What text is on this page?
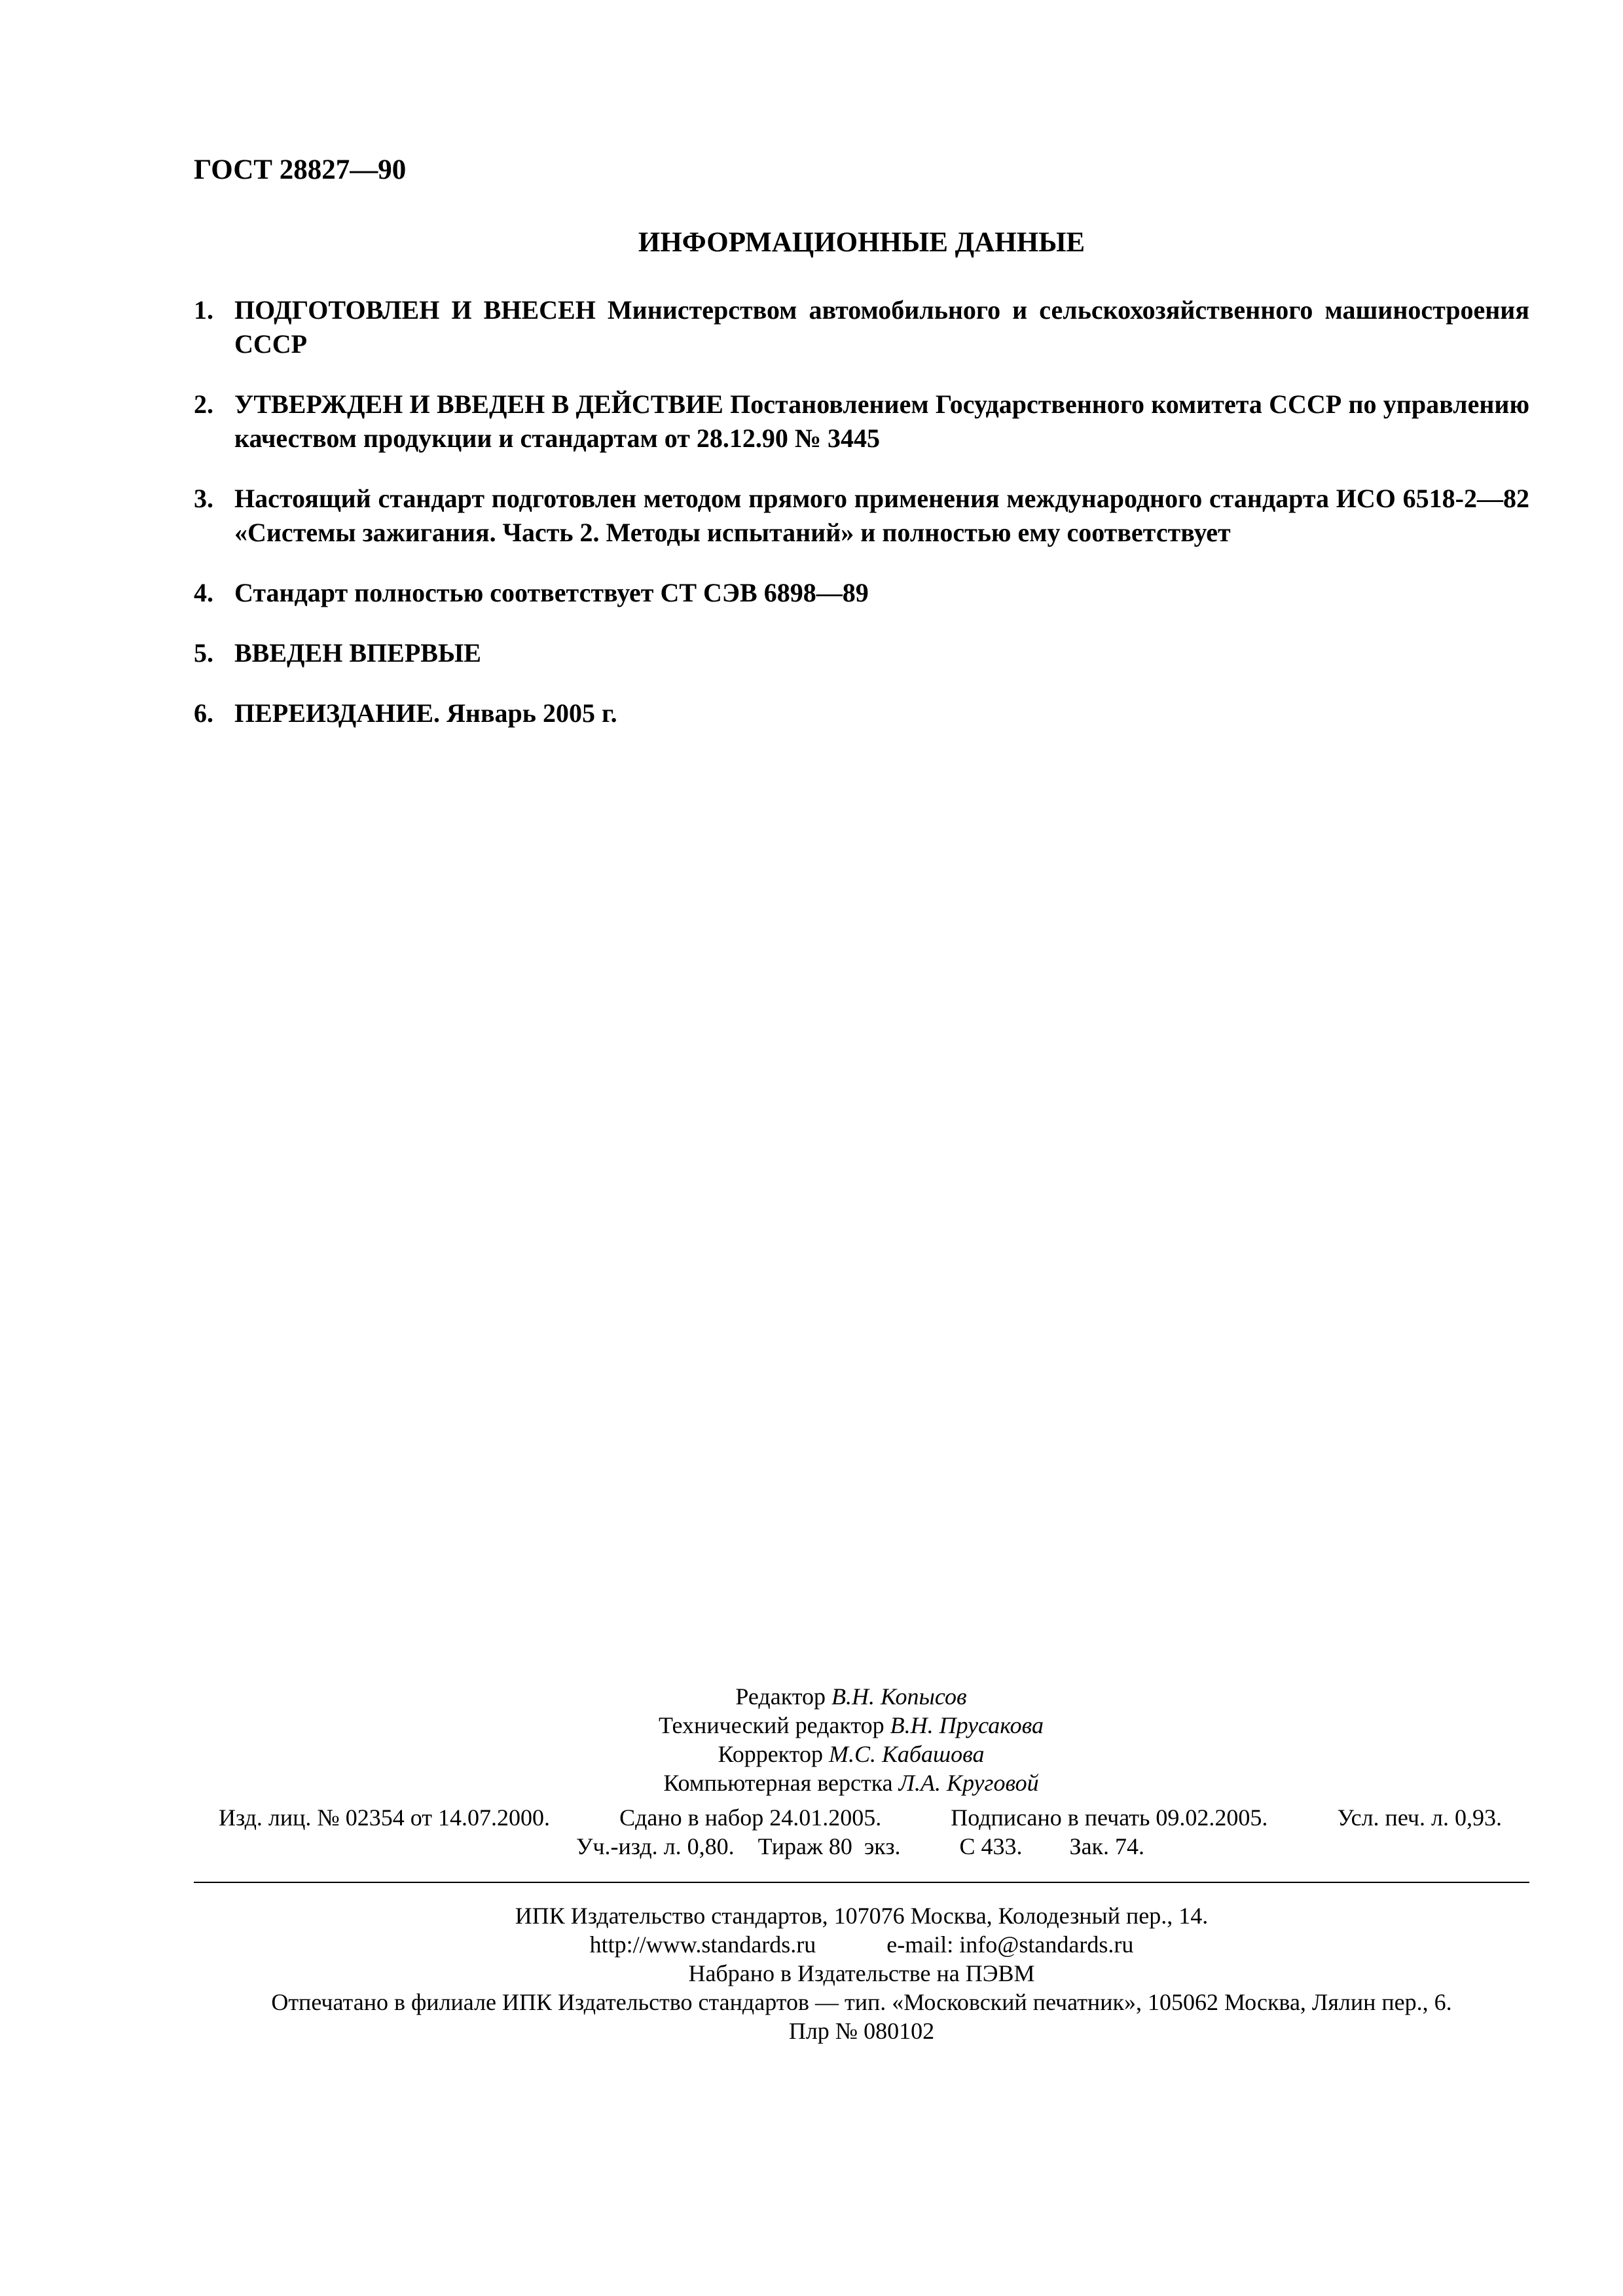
ГОСТ 28827—90
ИНФОРМАЦИОННЫЕ ДАННЫЕ
1. ПОДГОТОВЛЕН И ВНЕСЕН Министерством автомобильного и сельскохозяйственного машиностроения СССР
2. УТВЕРЖДЕН И ВВЕДЕН В ДЕЙСТВИЕ Постановлением Государственного комитета СССР по управлению качеством продукции и стандартам от 28.12.90 № 3445
3. Настоящий стандарт подготовлен методом прямого применения международного стандарта ИСО 6518-2—82 «Системы зажигания. Часть 2. Методы испытаний» и полностью ему соответствует
4. Стандарт полностью соответствует СТ СЭВ 6898—89
5. ВВЕДЕН ВПЕРВЫЕ
6. ПЕРЕИЗДАНИЕ. Январь 2005 г.
Редактор В.Н. Копысов
Технический редактор В.Н. Прусакова
Корректор М.С. Кабашова
Компьютерная верстка Л.А. Круговой
Изд. лиц. № 02354 от 14.07.2000.	Сдано в набор 24.01.2005.	Подписано в печать 09.02.2005.	Усл. печ. л. 0,93.
Уч.-изд. л. 0,80.    Тираж 80  экз.          С 433.        Зак. 74.
ИПК Издательство стандартов, 107076 Москва, Колодезный пер., 14.
http://www.standards.ru            e-mail: info@standards.ru
Набрано в Издательстве на ПЭВМ
Отпечатано в филиале ИПК Издательство стандартов — тип. «Московский печатник», 105062 Москва, Лялин пер., 6.
Плр № 080102
